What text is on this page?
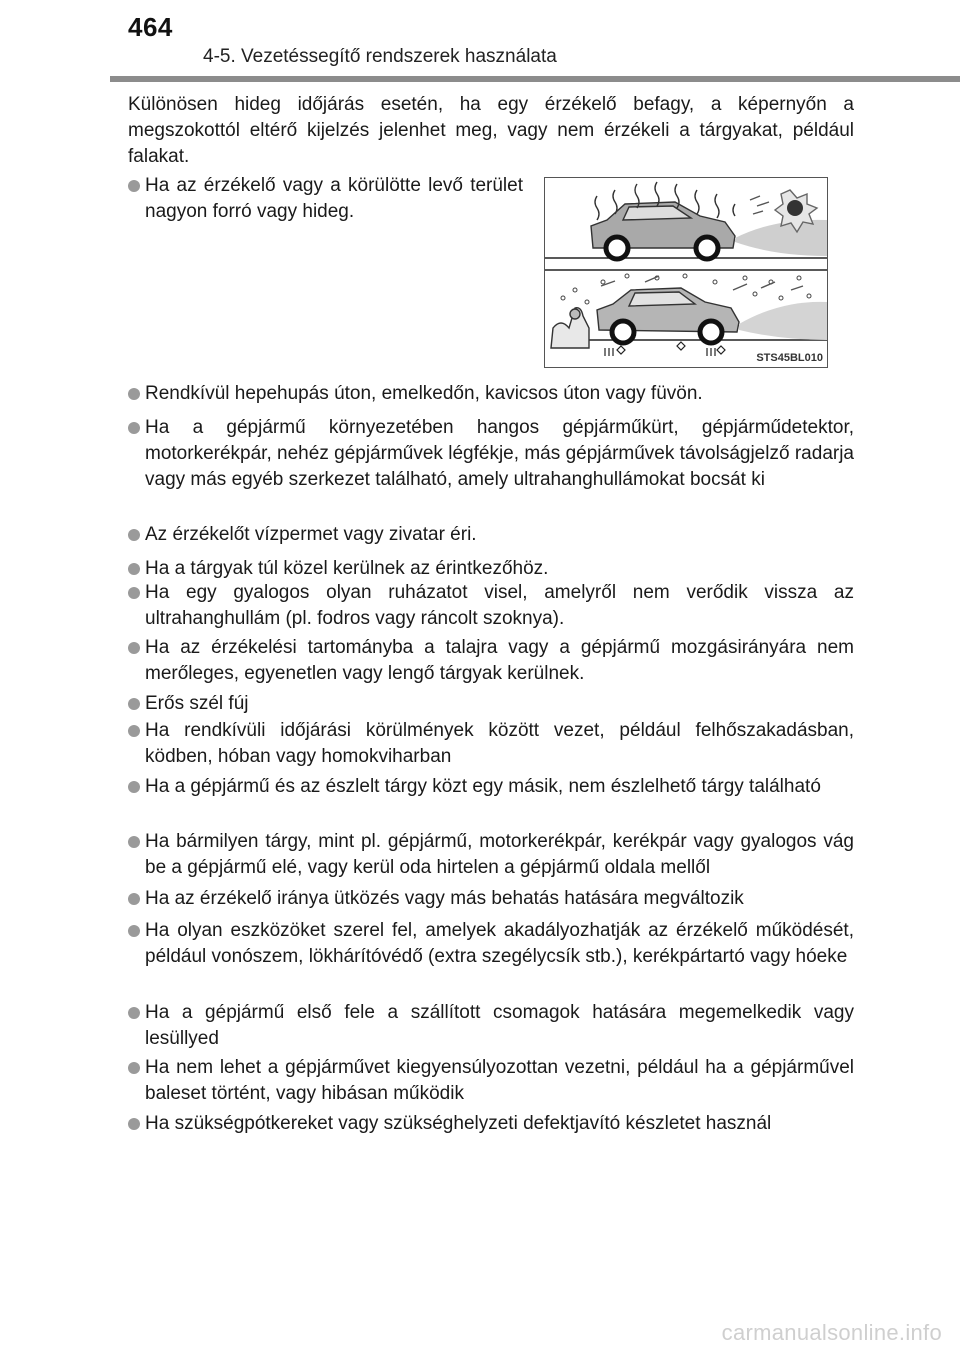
464
4-5. Vezetéssegítő rendszerek használata

Különösen hideg időjárás esetén, ha egy érzékelő befagy, a képernyőn a megszokottól eltérő kijelzés jelenhet meg, vagy nem érzékeli a tárgyakat, például falakat.

Ha az érzékelő vagy a körülötte levő terület nagyon forró vagy hideg.
STS45BL010
Rendkívül hepehupás úton, emelkedőn, kavicsos úton vagy füvön.
Ha a gépjármű környezetében hangos gépjárműkürt, gépjárműdetektor, motorkerékpár, nehéz gépjárművek légfékje, más gépjárművek távolságjelző radarja vagy más egyéb szerkezet található, amely ultrahanghullámokat bocsát ki
Az érzékelőt vízpermet vagy zivatar éri.
Ha a tárgyak túl közel kerülnek az érintkezőhöz.
Ha egy gyalogos olyan ruházatot visel, amelyről nem verődik vissza az ultrahanghullám (pl. fodros vagy ráncolt szoknya).
Ha az érzékelési tartományba a talajra vagy a gépjármű mozgásirányára nem merőleges, egyenetlen vagy lengő tárgyak kerülnek.
Erős szél fúj
Ha rendkívüli időjárási körülmények között vezet, például felhőszakadásban, ködben, hóban vagy homokviharban
Ha a gépjármű és az észlelt tárgy közt egy másik, nem észlelhető tárgy található
Ha bármilyen tárgy, mint pl. gépjármű, motorkerékpár, kerékpár vagy gyalogos vág be a gépjármű elé, vagy kerül oda hirtelen a gépjármű oldala mellől
Ha az érzékelő iránya ütközés vagy más behatás hatására megváltozik
Ha olyan eszközöket szerel fel, amelyek akadályozhatják az érzékelő működését, például vonószem, lökhárítóvédő (extra szegélycsík stb.), kerékpártartó vagy hóeke
Ha a gépjármű első fele a szállított csomagok hatására megemelkedik vagy lesüllyed
Ha nem lehet a gépjárművet kiegyensúlyozottan vezetni, például ha a gépjárművel baleset történt, vagy hibásan működik
Ha szükségpótkereket vagy szükséghelyzeti defektjavító készletet használ
carmanualsonline.info
